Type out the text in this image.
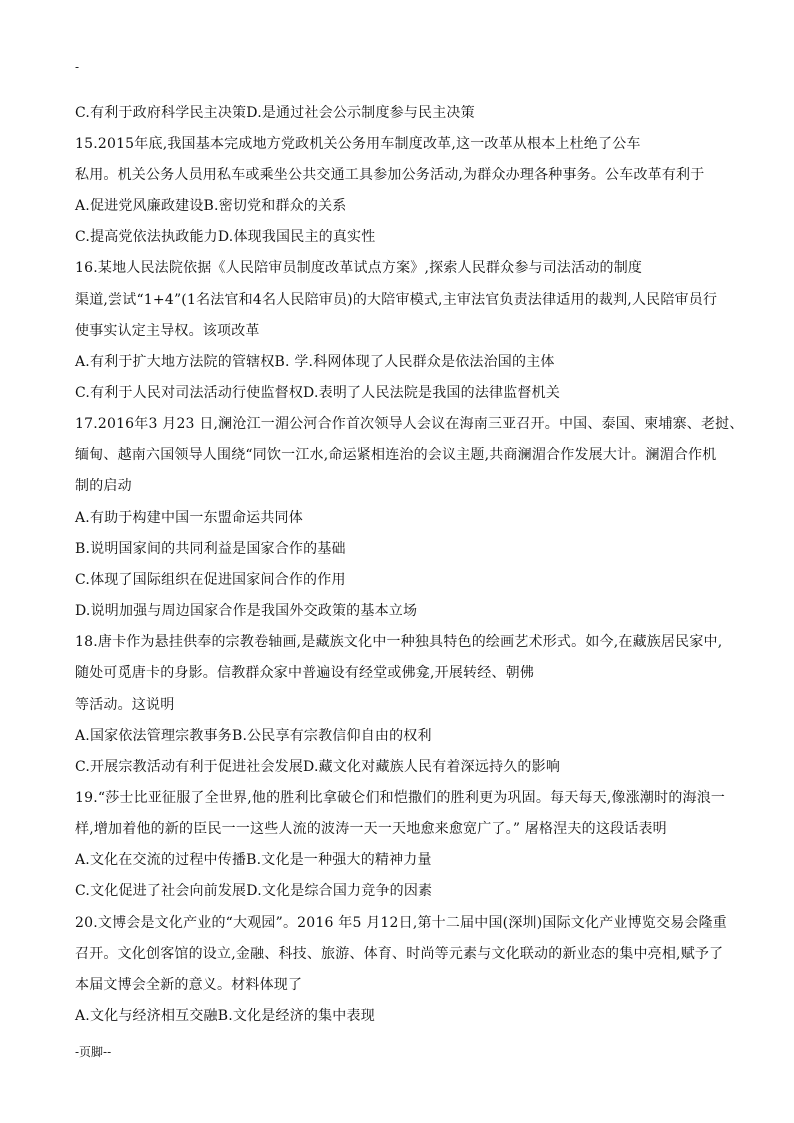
-
C.有利于政府科学民主决策D.是通过社会公示制度参与民主决策
15.2015年底,我国基本完成地方党政机关公务用车制度改革,这一改革从根本上杜绝了公车
私用。机关公务人员用私车或乘坐公共交通工具参加公务活动,为群众办理各种事务。公车改革有利于
A.促进党风廉政建设B.密切党和群众的关系
C.提高党依法执政能力D.体现我国民主的真实性
16.某地人民法院依据《人民陪审员制度改革试点方案》,探索人民群众参与司法活动的制度
渠道,尝试“1+4”(1名法官和4名人民陪审员)的大陪审模式,主审法官负责法律适用的裁判,人民陪审员行
使事实认定主导权。该项改革
A.有利于扩大地方法院的管辖权B. 学.科网体现了人民群众是依法治国的主体
C.有利于人民对司法活动行使监督权D.表明了人民法院是我国的法律监督机关
17.2016年3 月23 日,澜沧江一湄公河合作首次领导人会议在海南三亚召开。中国、泰国、柬埔寨、老挝、
缅甸、越南六国领导人围绕“同饮一江水,命运紧相连治的会议主题,共商澜湄合作发展大计。澜湄合作机
制的启动
A.有助于构建中国一东盟命运共同体
B.说明国家间的共同利益是国家合作的基础
C.体现了国际组织在促进国家间合作的作用
D.说明加强与周边国家合作是我国外交政策的基本立场
18.唐卡作为悬挂供奉的宗教卷轴画,是藏族文化中一种独具特色的绘画艺术形式。如今,在藏族居民家中,
随处可觅唐卡的身影。信教群众家中普遍设有经堂或佛龛,开展转经、朝佛
等活动。这说明
A.国家依法管理宗教事务B.公民享有宗教信仰自由的权利
C.开展宗教活动有利于促进社会发展D.藏文化对藏族人民有着深远持久的影响
19.“莎士比亚征服了全世界,他的胜利比拿破仑们和恺撒们的胜利更为巩固。每天每天,像涨潮时的海浪一
样,增加着他的新的臣民一一这些人流的波涛一天一天地愈来愈宽广了。” 屠格涅夫的这段话表明
A.文化在交流的过程中传播B.文化是一种强大的精神力量
C.文化促进了社会向前发展D.文化是综合国力竞争的因素
20.文博会是文化产业的“大观园”。2016 年5 月12日,第十二届中国(深圳)国际文化产业博览交易会隆重
召开。文化创客馆的设立,金融、科技、旅游、体育、时尚等元素与文化联动的新业态的集中亮相,赋予了
本届文博会全新的意义。材料体现了
A.文化与经济相互交融B.文化是经济的集中表现
-页脚--
